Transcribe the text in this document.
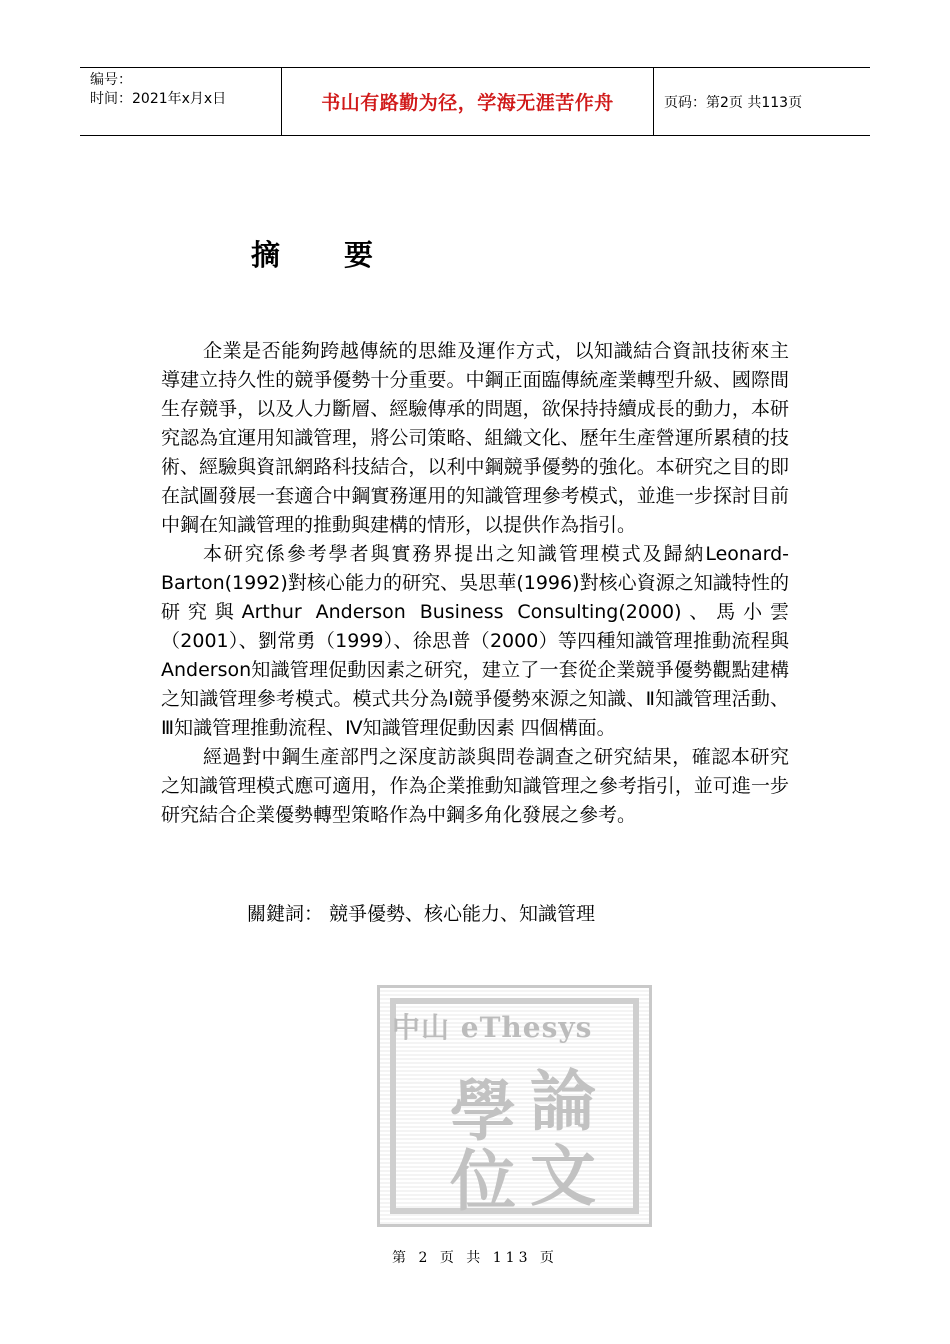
编号：
时间：2021年x月x日	书山有路勤为径，学海无涯苦作舟	页码：第2页 共113页
摘 要

企業是否能夠跨越傳統的思維及運作方式，以知識結合資訊技術來主導建立持久性的競爭優勢十分重要。中鋼正面臨傳統產業轉型升級、國際間生存競爭，以及人力斷層、經驗傳承的問題，欲保持持續成長的動力，本研究認為宜運用知識管理，將公司策略、組織文化、歷年生產營運所累積的技術、經驗與資訊網路科技結合，以利中鋼競爭優勢的強化。本研究之目的即在試圖發展一套適合中鋼實務運用的知識管理參考模式，並進一步探討目前中鋼在知識管理的推動與建構的情形，以提供作為指引。

本研究係參考學者與實務界提出之知識管理模式及歸納Leonard-Barton(1992)對核心能力的研究、吳思華(1996)對核心資源之知識特性的研究與Arthur Anderson Business Consulting(2000)、馬小雲（2001）、劉常勇（1999）、徐思普（2000）等四種知識管理推動流程與Anderson知識管理促動因素之研究，建立了一套從企業競爭優勢觀點建構之知識管理參考模式。模式共分為Ⅰ競爭優勢來源之知識、Ⅱ知識管理活動、Ⅲ知識管理推動流程、Ⅳ知識管理促動因素 四個構面。

經過對中鋼生產部門之深度訪談與問卷調查之研究結果，確認本研究之知識管理模式應可適用，作為企業推動知識管理之參考指引，並可進一步研究結合企業優勢轉型策略作為中鋼多角化發展之參考。

關鍵詞： 競爭優勢、核心能力、知識管理
中山 eThesys
學 論
位 文
第 2 页 共 113 页
